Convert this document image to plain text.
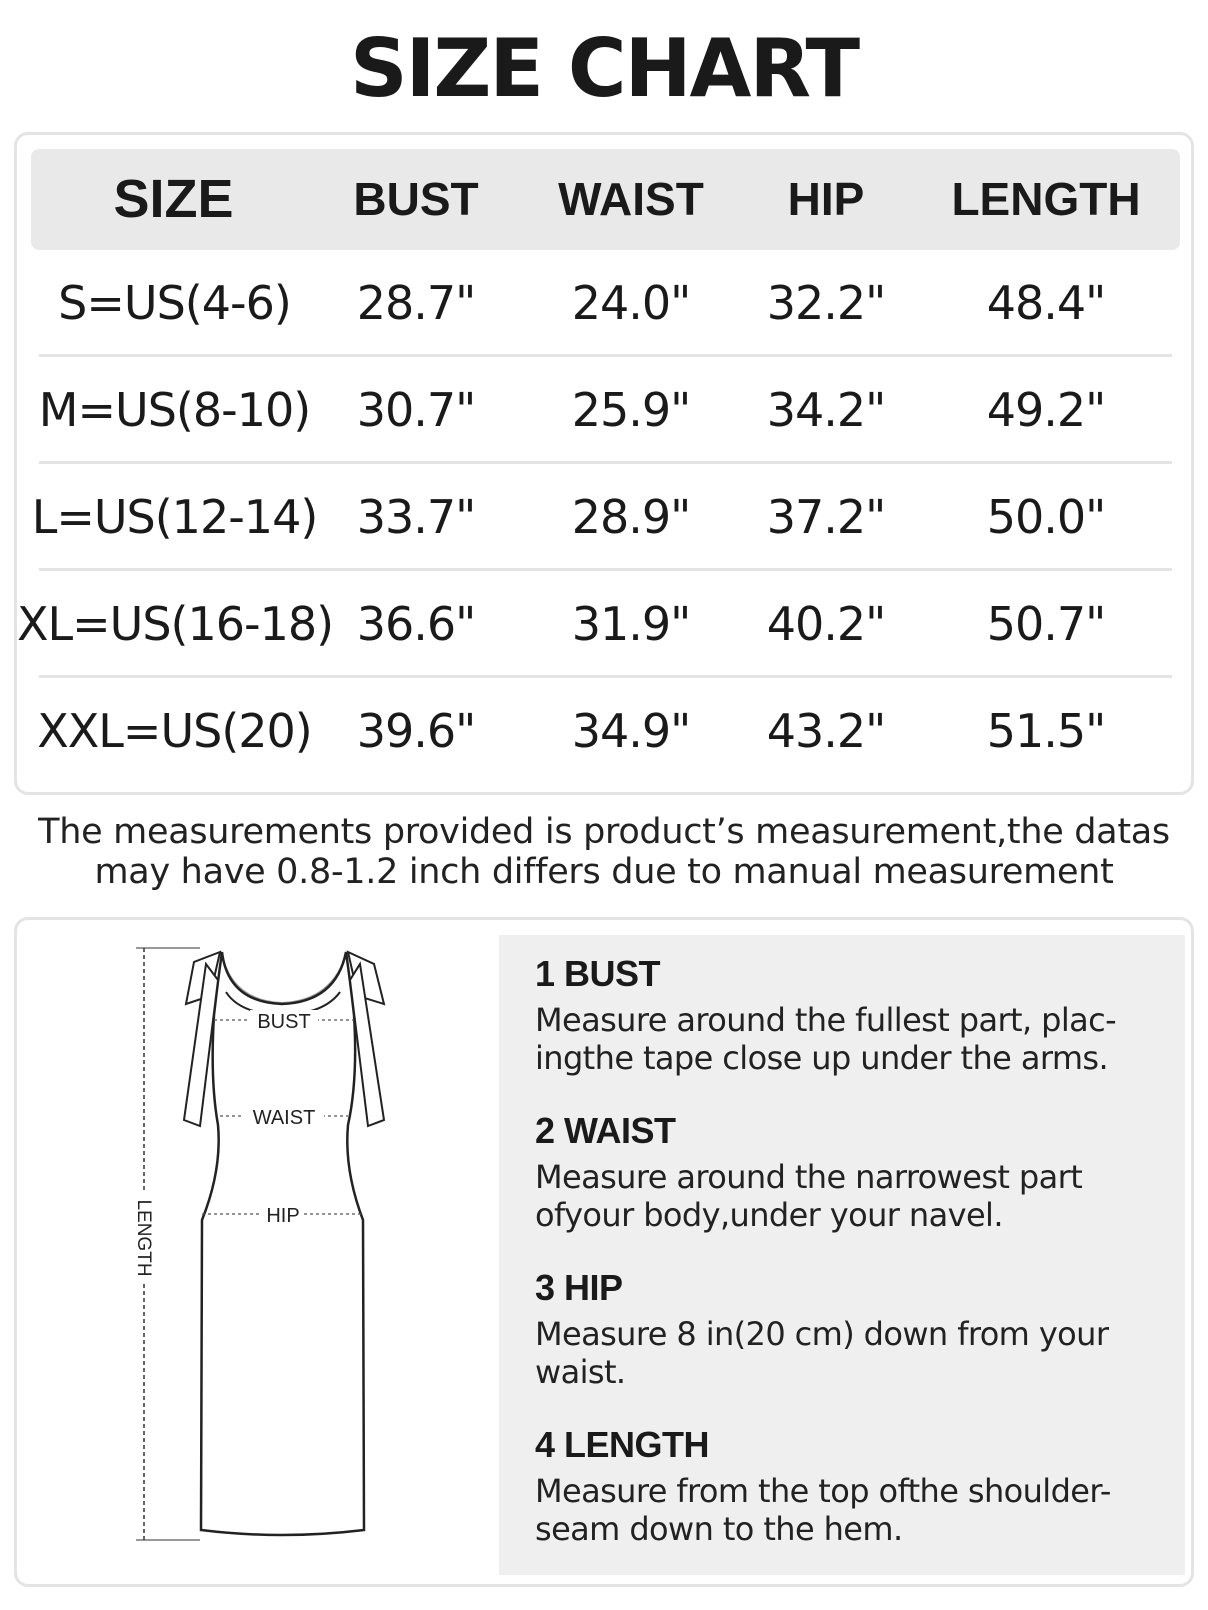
SIZE CHART
SIZE	BUST	WAIST	HIP	LENGTH
S=US(4-6)	28.7"	24.0"	32.2"	48.4"
M=US(8-10)	30.7"	25.9"	34.2"	49.2"
L=US(12-14) 33.7"	28.9"	37.2"	50.0"
XL=US(16-18) 36.6"	31.9"	40.2"	50.7"
XXL=US(20) 39.6"	34.9"	43.2"	51.5"
The measurements provided is product’s measurement,the datas
may have 0.8-1.2 inch differs due to manual measurement
BUST
WAIST
HIP
LENGTH
1 BUST
Measure around the fullest part, plac-
ingthe tape close up under the arms.
2 WAIST
Measure around the narrowest part
ofyour body,under your navel.
3 HIP
Measure 8 in(20 cm) down from your
waist.
4 LENGTH
Measure from the top ofthe shoulder-
seam down to the hem.
